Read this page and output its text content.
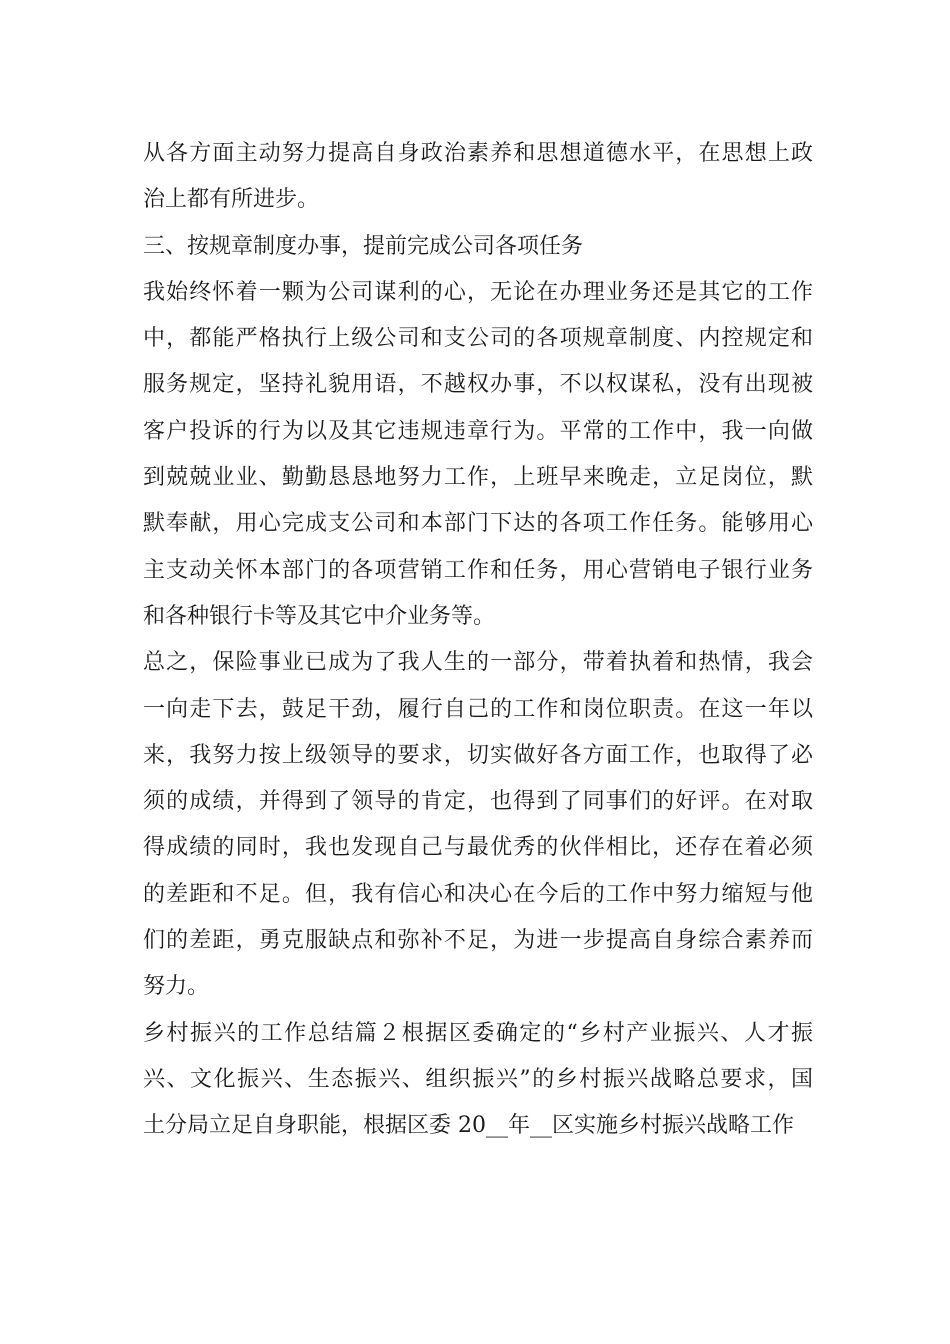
从各方面主动努力提高自身政治素养和思想道德水平，在思想上政
治上都有所进步。
三、按规章制度办事，提前完成公司各项任务
我始终怀着一颗为公司谋利的心，无论在办理业务还是其它的工作
中，都能严格执行上级公司和支公司的各项规章制度、内控规定和
服务规定，坚持礼貌用语，不越权办事，不以权谋私，没有出现被
客户投诉的行为以及其它违规违章行为。平常的工作中，我一向做
到兢兢业业、勤勤恳恳地努力工作，上班早来晚走，立足岗位，默
默奉献，用心完成支公司和本部门下达的各项工作任务。能够用心
主支动关怀本部门的各项营销工作和任务，用心营销电子银行业务
和各种银行卡等及其它中介业务等。
总之，保险事业已成为了我人生的一部分，带着执着和热情，我会
一向走下去，鼓足干劲，履行自己的工作和岗位职责。在这一年以
来，我努力按上级领导的要求，切实做好各方面工作，也取得了必
须的成绩，并得到了领导的肯定，也得到了同事们的好评。在对取
得成绩的同时，我也发现自己与最优秀的伙伴相比，还存在着必须
的差距和不足。但，我有信心和决心在今后的工作中努力缩短与他
们的差距，勇克服缺点和弥补不足，为进一步提高自身综合素养而
努力。
乡村振兴的工作总结篇２根据区委确定的“乡村产业振兴、人才振
兴、文化振兴、生态振兴、组织振兴”的乡村振兴战略总要求，国
土分局立足自身职能，根据区委 20__年__区实施乡村振兴战略工作
